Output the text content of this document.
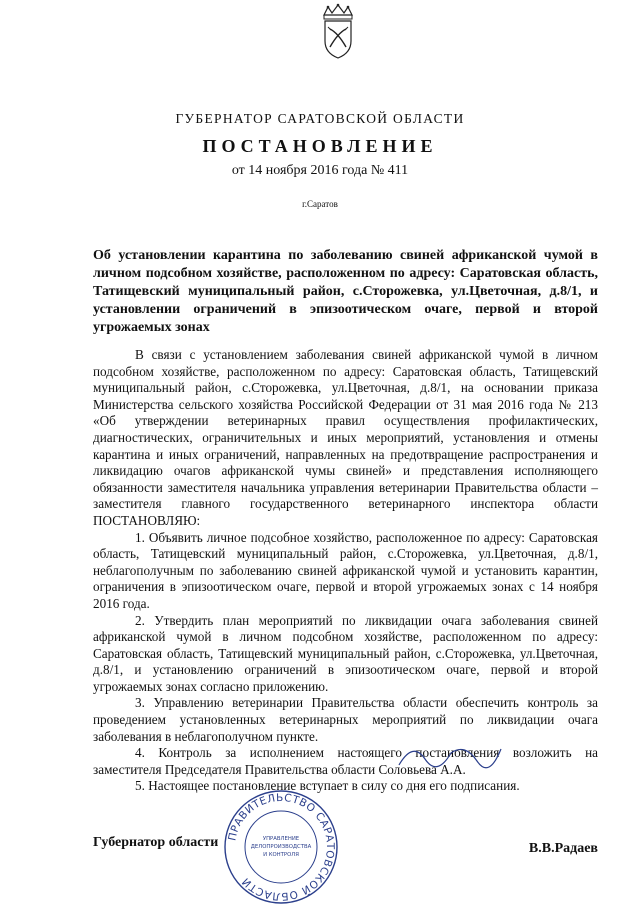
ГУБЕРНАТОР САРАТОВСКОЙ ОБЛАСТИ
ПОСТАНОВЛЕНИЕ
от 14 ноября 2016 года № 411
г.Саратов
Об установлении карантина по заболеванию свиней африканской чумой в личном подсобном хозяйстве, расположенном по адресу: Саратовская область, Татищевский муниципальный район, с.Сторожевка, ул.Цветочная, д.8/1, и установлении ограничений в эпизоотическом очаге, первой и второй угрожаемых зонах

В связи с установлением заболевания свиней африканской чумой в личном подсобном хозяйстве, расположенном по адресу: Саратовская область, Татищевский муниципальный район, с.Сторожевка, ул.Цветочная, д.8/1, на основании приказа Министерства сельского хозяйства Российской Федерации от 31 мая 2016 года № 213 «Об утверждении ветеринарных правил осуществления профилактических, диагностических, ограничительных и иных мероприятий, установления и отмены карантина и иных ограничений, направленных на предотвращение распространения и ликвидацию очагов африканской чумы свиней» и представления исполняющего обязанности заместителя начальника управления ветеринарии Правительства области – заместителя главного государственного ветеринарного инспектора области ПОСТАНОВЛЯЮ:

1. Объявить личное подсобное хозяйство, расположенное по адресу: Саратовская область, Татищевский муниципальный район, с.Сторожевка, ул.Цветочная, д.8/1, неблагополучным по заболеванию свиней африканской чумой и установить карантин, ограничения в эпизоотическом очаге, первой и второй угрожаемых зонах с 14 ноября 2016 года.

2. Утвердить план мероприятий по ликвидации очага заболевания свиней африканской чумой в личном подсобном хозяйстве, расположенном по адресу: Саратовская область, Татищевский муниципальный район, с.Сторожевка, ул.Цветочная, д.8/1, и установлению ограничений в эпизоотическом очаге, первой и второй угрожаемых зонах согласно приложению.

3. Управлению ветеринарии Правительства области обеспечить контроль за проведением установленных ветеринарных мероприятий по ликвидации очага заболевания в неблагополучном пункте.

4. Контроль за исполнением настоящего постановления возложить на заместителя Председателя Правительства области Соловьева А.А.

5. Настоящее постановление вступает в силу со дня его подписания.

ПРАВИТЕЛЬСТВО САРАТОВСКОЙ ОБЛАСТИ
УПРАВЛЕНИЕ
ДЕЛОПРОИЗВОДСТВА
И КОНТРОЛЯ
Губернатор области	В.В.Радаев
